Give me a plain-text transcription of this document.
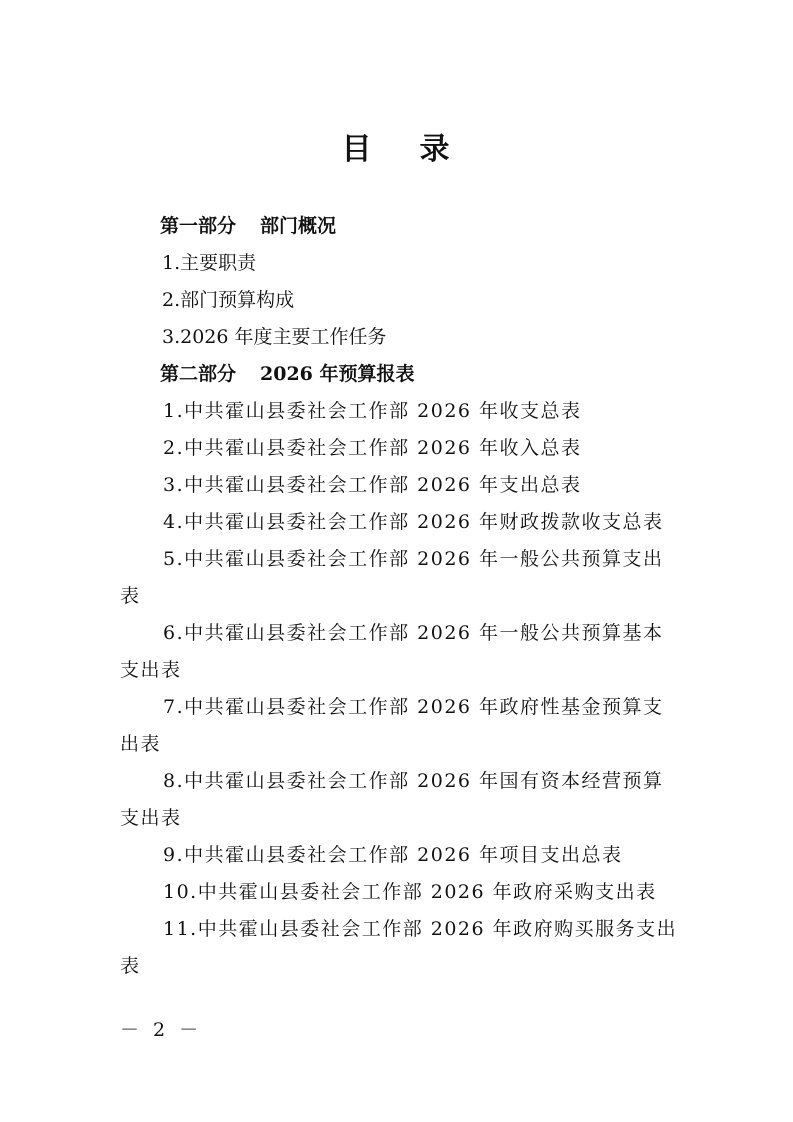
目 录
第一部分 部门概况
1.主要职责
2.部门预算构成
3.2026 年度主要工作任务
第二部分 2026 年预算报表
1.中共霍山县委社会工作部 2026 年收支总表
2.中共霍山县委社会工作部 2026 年收入总表
3.中共霍山县委社会工作部 2026 年支出总表
4.中共霍山县委社会工作部 2026 年财政拨款收支总表
5.中共霍山县委社会工作部 2026 年一般公共预算支出
表
6.中共霍山县委社会工作部 2026 年一般公共预算基本
支出表
7.中共霍山县委社会工作部 2026 年政府性基金预算支
出表
8.中共霍山县委社会工作部 2026 年国有资本经营预算
支出表
9.中共霍山县委社会工作部 2026 年项目支出总表
10.中共霍山县委社会工作部 2026 年政府采购支出表
11.中共霍山县委社会工作部 2026 年政府购买服务支出
表
－ 2 －
